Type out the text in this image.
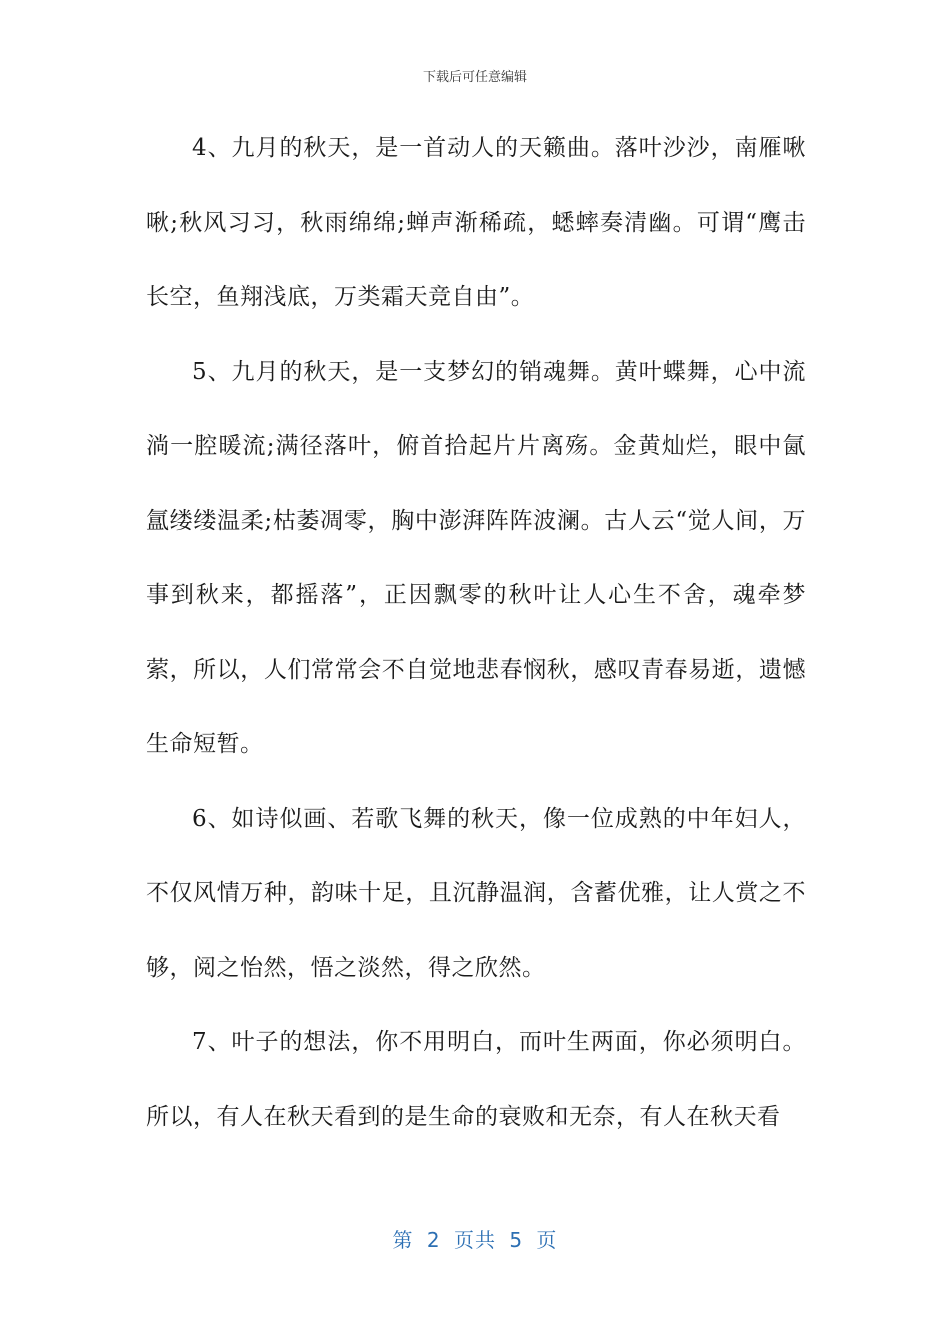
下载后可任意编辑

4、九月的秋天，是一首动人的天籁曲。落叶沙沙，南雁啾啾;秋风习习，秋雨绵绵;蝉声渐稀疏，蟋蟀奏清幽。可谓“鹰击长空，鱼翔浅底，万类霜天竞自由”。

5、九月的秋天，是一支梦幻的销魂舞。黄叶蝶舞，心中流淌一腔暖流;满径落叶，俯首拾起片片离殇。金黄灿烂，眼中氤氲缕缕温柔;枯萎凋零，胸中澎湃阵阵波澜。古人云“觉人间，万事到秋来，都摇落”，正因飘零的秋叶让人心生不舍，魂牵梦萦，所以，人们常常会不自觉地悲春悯秋，感叹青春易逝，遗憾生命短暂。

6、如诗似画、若歌飞舞的秋天，像一位成熟的中年妇人，不仅风情万种，韵味十足，且沉静温润，含蓄优雅，让人赏之不够，阅之怡然，悟之淡然，得之欣然。

7、叶子的想法，你不用明白，而叶生两面，你必须明白。所以，有人在秋天看到的是生命的衰败和无奈，有人在秋天看

第 2 页共 5 页
